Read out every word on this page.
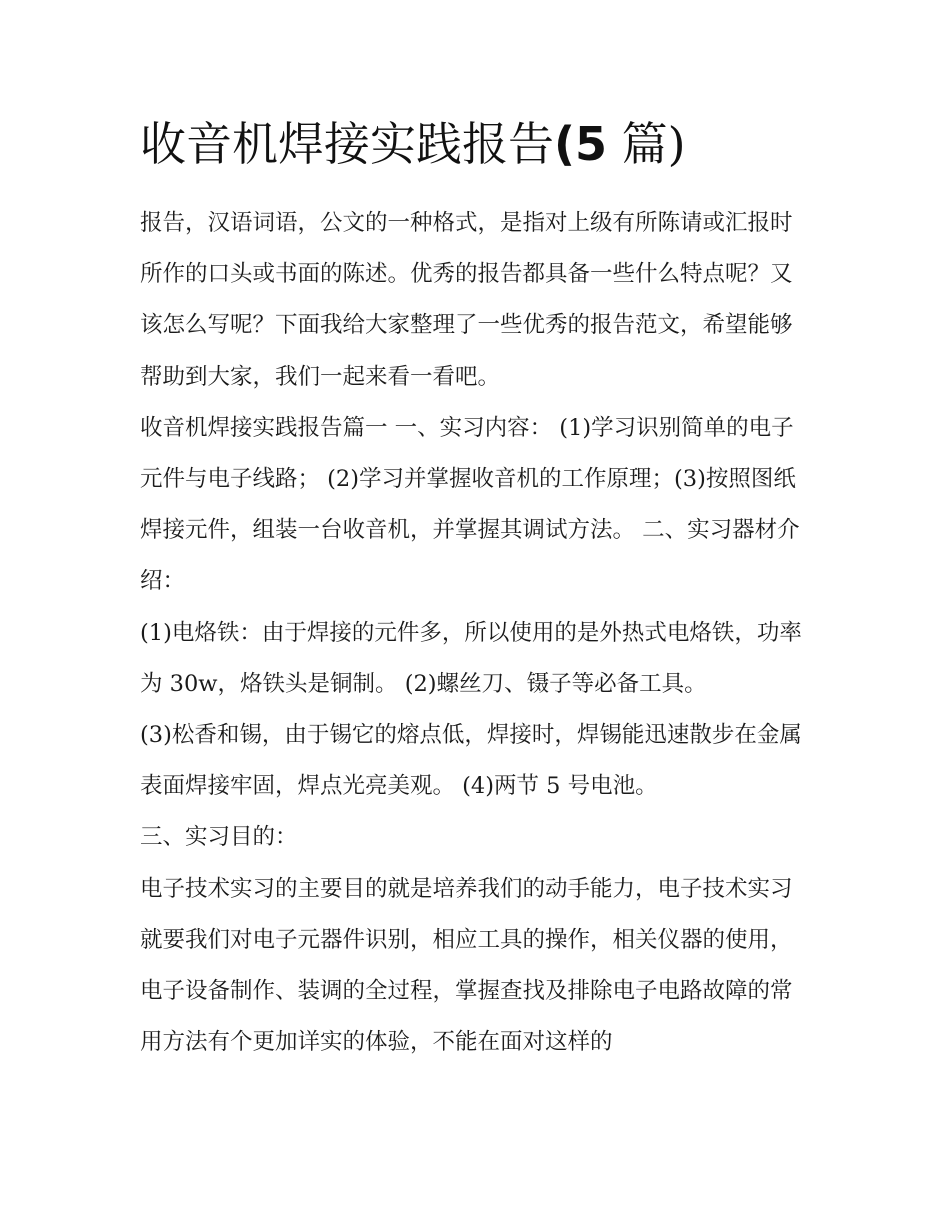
收音机焊接实践报告(5 篇)

报告，汉语词语，公文的一种格式，是指对上级有所陈请或汇报时所作的口头或书面的陈述。优秀的报告都具备一些什么特点呢？又该怎么写呢？下面我给大家整理了一些优秀的报告范文，希望能够帮助到大家，我们一起来看一看吧。

收音机焊接实践报告篇一 一、实习内容： (1)学习识别简单的电子元件与电子线路； (2)学习并掌握收音机的工作原理；(3)按照图纸焊接元件，组装一台收音机，并掌握其调试方法。 二、实习器材介绍：

(1)电烙铁：由于焊接的元件多，所以使用的是外热式电烙铁，功率为 30w，烙铁头是铜制。 (2)螺丝刀、镊子等必备工具。

(3)松香和锡，由于锡它的熔点低，焊接时，焊锡能迅速散步在金属表面焊接牢固，焊点光亮美观。 (4)两节 5 号电池。

三、实习目的：

电子技术实习的主要目的就是培养我们的动手能力，电子技术实习就要我们对电子元器件识别，相应工具的操作，相关仪器的使用，电子设备制作、装调的全过程，掌握查找及排除电子电路故障的常用方法有个更加详实的体验，不能在面对这样的
